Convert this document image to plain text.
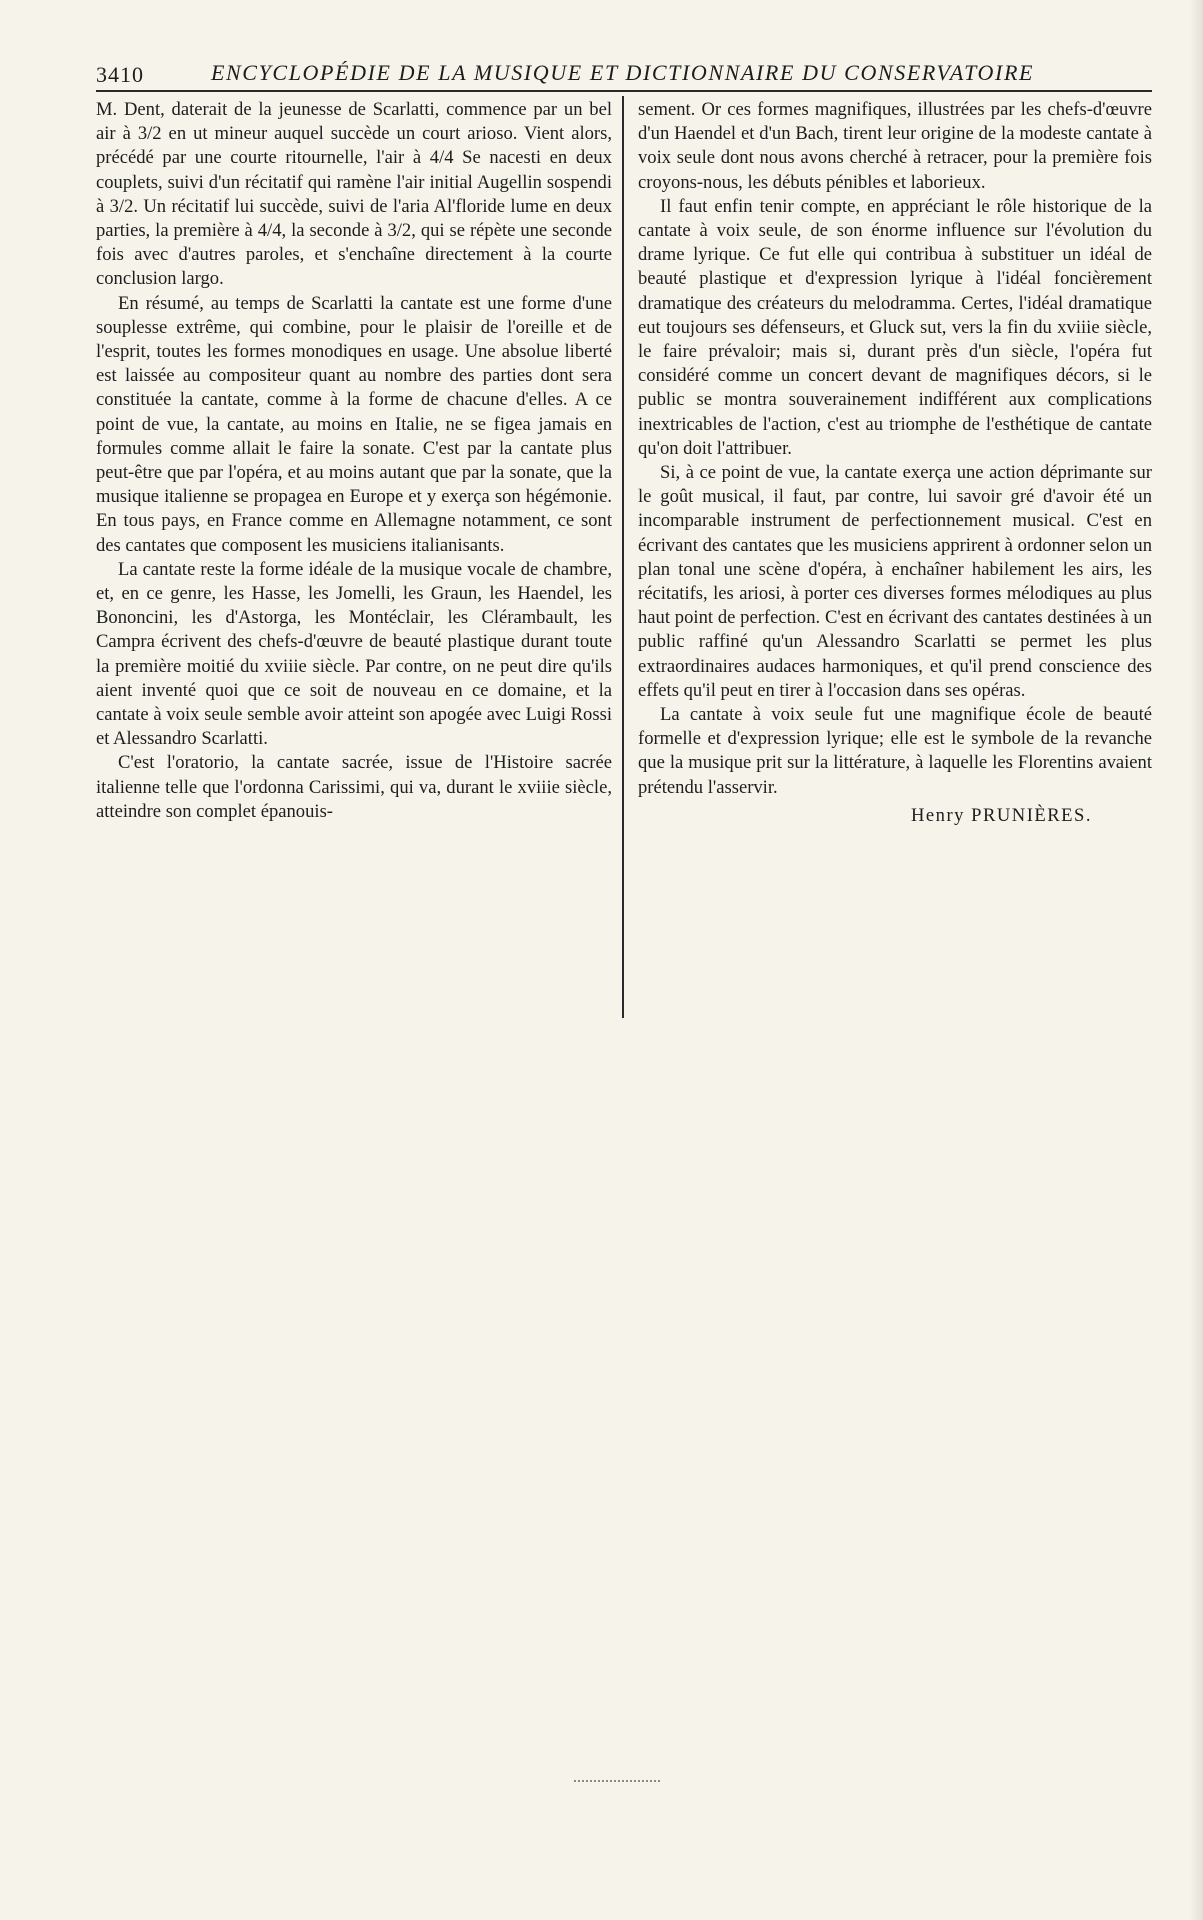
3410	ENCYCLOPÉDIE DE LA MUSIQUE ET DICTIONNAIRE DU CONSERVATOIRE

M. Dent, daterait de la jeunesse de Scarlatti, commence par un bel air à 3/2 en ut mineur auquel succède un court arioso. Vient alors, précédé par une courte ritournelle, l'air à 4/4 Se nacesti en deux couplets, suivi d'un récitatif qui ramène l'air initial Augellin sospendi à 3/2. Un récitatif lui succède, suivi de l'aria Al'floride lume en deux parties, la première à 4/4, la seconde à 3/2, qui se répète une seconde fois avec d'autres paroles, et s'enchaîne directement à la courte conclusion largo.

En résumé, au temps de Scarlatti la cantate est une forme d'une souplesse extrême, qui combine, pour le plaisir de l'oreille et de l'esprit, toutes les formes monodiques en usage. Une absolue liberté est laissée au compositeur quant au nombre des parties dont sera constituée la cantate, comme à la forme de chacune d'elles. A ce point de vue, la cantate, au moins en Italie, ne se figea jamais en formules comme allait le faire la sonate. C'est par la cantate plus peut-être que par l'opéra, et au moins autant que par la sonate, que la musique italienne se propagea en Europe et y exerça son hégémonie. En tous pays, en France comme en Allemagne notamment, ce sont des cantates que composent les musiciens italianisants.

La cantate reste la forme idéale de la musique vocale de chambre, et, en ce genre, les Hasse, les Jomelli, les Graun, les Haendel, les Bononcini, les d'Astorga, les Montéclair, les Clérambault, les Campra écrivent des chefs-d'œuvre de beauté plastique durant toute la première moitié du xviiie siècle. Par contre, on ne peut dire qu'ils aient inventé quoi que ce soit de nouveau en ce domaine, et la cantate à voix seule semble avoir atteint son apogée avec Luigi Rossi et Alessandro Scarlatti.

C'est l'oratorio, la cantate sacrée, issue de l'Histoire sacrée italienne telle que l'ordonna Carissimi, qui va, durant le xviiie siècle, atteindre son complet épanouis-

sement. Or ces formes magnifiques, illustrées par les chefs-d'œuvre d'un Haendel et d'un Bach, tirent leur origine de la modeste cantate à voix seule dont nous avons cherché à retracer, pour la première fois croyons-nous, les débuts pénibles et laborieux.

Il faut enfin tenir compte, en appréciant le rôle historique de la cantate à voix seule, de son énorme influence sur l'évolution du drame lyrique. Ce fut elle qui contribua à substituer un idéal de beauté plastique et d'expression lyrique à l'idéal foncièrement dramatique des créateurs du melodramma. Certes, l'idéal dramatique eut toujours ses défenseurs, et Gluck sut, vers la fin du xviiie siècle, le faire prévaloir; mais si, durant près d'un siècle, l'opéra fut considéré comme un concert devant de magnifiques décors, si le public se montra souverainement indifférent aux complications inextricables de l'action, c'est au triomphe de l'esthétique de cantate qu'on doit l'attribuer.

Si, à ce point de vue, la cantate exerça une action déprimante sur le goût musical, il faut, par contre, lui savoir gré d'avoir été un incomparable instrument de perfectionnement musical. C'est en écrivant des cantates que les musiciens apprirent à ordonner selon un plan tonal une scène d'opéra, à enchaîner habilement les airs, les récitatifs, les ariosi, à porter ces diverses formes mélodiques au plus haut point de perfection. C'est en écrivant des cantates destinées à un public raffiné qu'un Alessandro Scarlatti se permet les plus extraordinaires audaces harmoniques, et qu'il prend conscience des effets qu'il peut en tirer à l'occasion dans ses opéras.

La cantate à voix seule fut une magnifique école de beauté formelle et d'expression lyrique; elle est le symbole de la revanche que la musique prit sur la littérature, à laquelle les Florentins avaient prétendu l'asservir.

Henry PRUNIÈRES.
